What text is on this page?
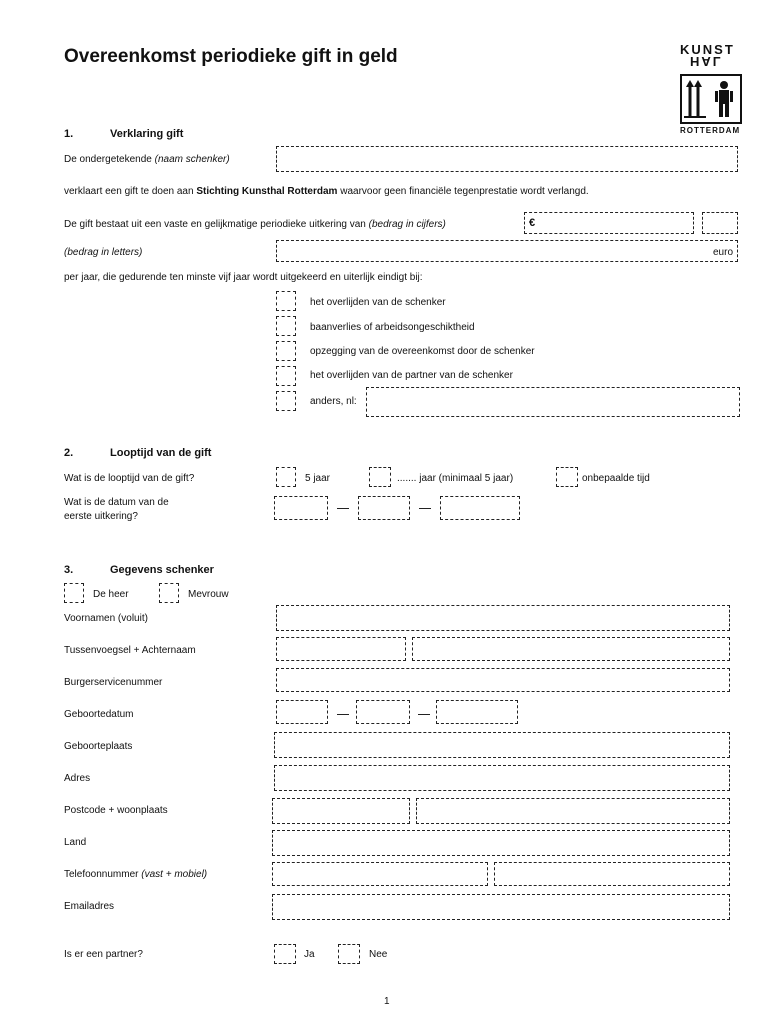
Overeenkomst periodieke gift in geld	KUNST
HAL
ROTTERDAM
1.	Verklaring gift
De ondergetekende (naam schenker)
verklaart een gift te doen aan Stichting Kunsthal Rotterdam waarvoor geen financiële tegenprestatie wordt verlangd.
De gift bestaat uit een vaste en gelijkmatige periodieke uitkering van (bedrag in cijfers)	€
(bedrag in letters)	euro
per jaar, die gedurende ten minste vijf jaar wordt uitgekeerd en uiterlijk eindigt bij:
het overlijden van de schenker
baanverlies of arbeidsongeschiktheid
opzegging van de overeenkomst door de schenker
het overlijden van de partner van de schenker
anders, nl:
2.	Looptijd van de gift
Wat is de looptijd van de gift?	5 jaar	....... jaar (minimaal 5 jaar)	onbepaalde tijd
Wat is de datum van de
eerste uitkering?
3.	Gegevens schenker
De heer	Mevrouw
Voornamen (voluit)
Tussenvoegsel + Achternaam
Burgerservicenummer
Geboortedatum
Geboorteplaats
Adres
Postcode + woonplaats
Land
Telefoonnummer (vast + mobiel)
Emailadres
Is er een partner?	Ja	Nee
1
